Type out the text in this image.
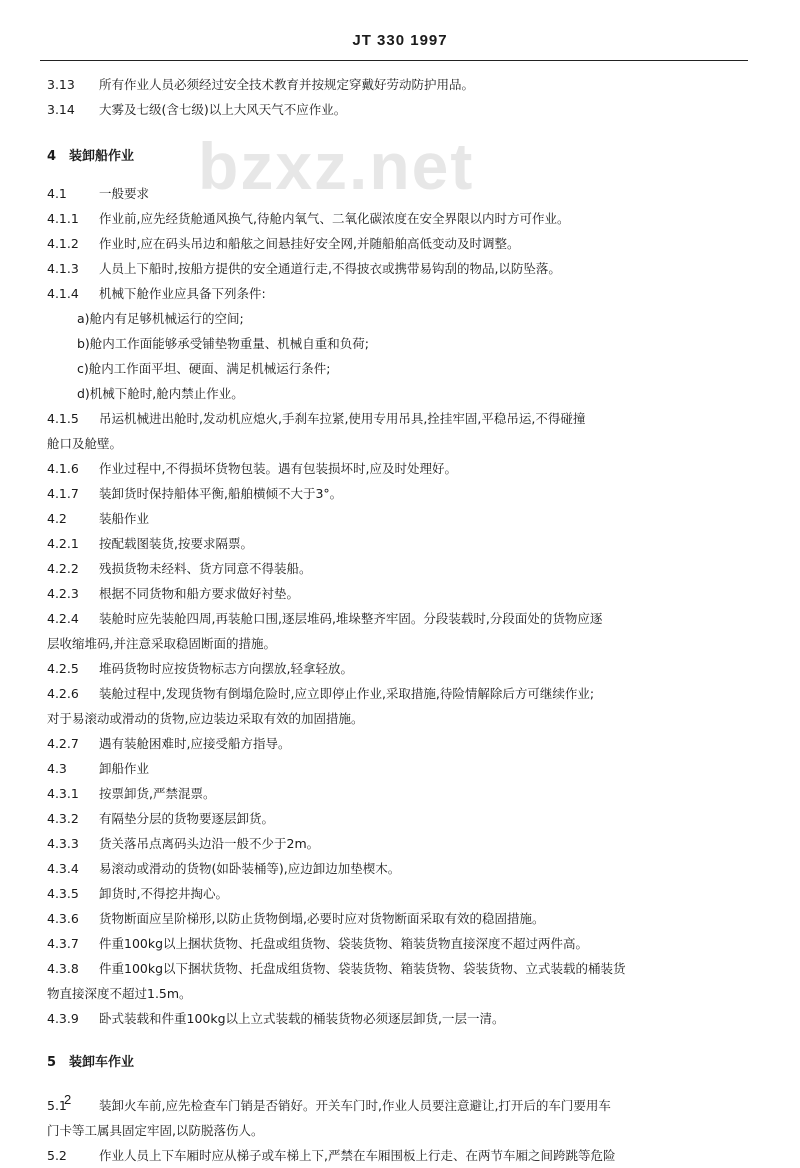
JT 330 1997
bzxz.net
3.13	所有作业人员必须经过安全技术教育并按规定穿戴好劳动防护用品。
3.14	大雾及七级(含七级)以上大风天气不应作业。
4 装卸船作业
4.1	一般要求
4.1.1	作业前,应先经货舱通风换气,待舱内氧气、二氧化碳浓度在安全界限以内时方可作业。
4.1.2	作业时,应在码头吊边和船舷之间悬挂好安全网,并随船舶高低变动及时调整。
4.1.3	人员上下船时,按船方提供的安全通道行走,不得披衣或携带易钩刮的物品,以防坠落。
4.1.4	机械下舱作业应具备下列条件:
a)舱内有足够机械运行的空间;
b)舱内工作面能够承受铺垫物重量、机械自重和负荷;
c)舱内工作面平坦、硬面、满足机械运行条件;
d)机械下舱时,舱内禁止作业。
4.1.5	吊运机械进出舱时,发动机应熄火,手刹车拉紧,使用专用吊具,拴挂牢固,平稳吊运,不得碰撞
舱口及舱壁。
4.1.6	作业过程中,不得损坏货物包装。遇有包装损坏时,应及时处理好。
4.1.7	装卸货时保持船体平衡,船舶横倾不大于3°。
4.2	装船作业
4.2.1	按配载图装货,按要求隔票。
4.2.2	残损货物未经料、货方同意不得装船。
4.2.3	根据不同货物和船方要求做好衬垫。
4.2.4	装舱时应先装舱四周,再装舱口围,逐层堆码,堆垛整齐牢固。分段装载时,分段面处的货物应逐
层收缩堆码,并注意采取稳固断面的措施。
4.2.5	堆码货物时应按货物标志方向摆放,轻拿轻放。
4.2.6	装舱过程中,发现货物有倒塌危险时,应立即停止作业,采取措施,待险情解除后方可继续作业;
对于易滚动或滑动的货物,应边装边采取有效的加固措施。
4.2.7	遇有装舱困难时,应接受船方指导。
4.3	卸船作业
4.3.1	按票卸货,严禁混票。
4.3.2	有隔垫分层的货物要逐层卸货。
4.3.3	货关落吊点离码头边沿一般不少于2m。
4.3.4	易滚动或滑动的货物(如卧装桶等),应边卸边加垫楔木。
4.3.5	卸货时,不得挖井掏心。
4.3.6	货物断面应呈阶梯形,以防止货物倒塌,必要时应对货物断面采取有效的稳固措施。
4.3.7	件重100kg以上捆状货物、托盘或组货物、袋装货物、箱装货物直接深度不超过两件高。
4.3.8	件重100kg以下捆状货物、托盘成组货物、袋装货物、箱装货物、袋装货物、立式装载的桶装货
物直接深度不超过1.5m。
4.3.9	卧式装载和件重100kg以上立式装载的桶装货物必须逐层卸货,一层一清。
5 装卸车作业
5.1	装卸火车前,应先检查车门销是否销好。开关车门时,作业人员要注意避让,打开后的车门要用车
门卡等工属具固定牢固,以防脱落伤人。
5.2	作业人员上下车厢时应从梯子或车梯上下,严禁在车厢围板上行走、在两节车厢之间跨跳等危险
2
